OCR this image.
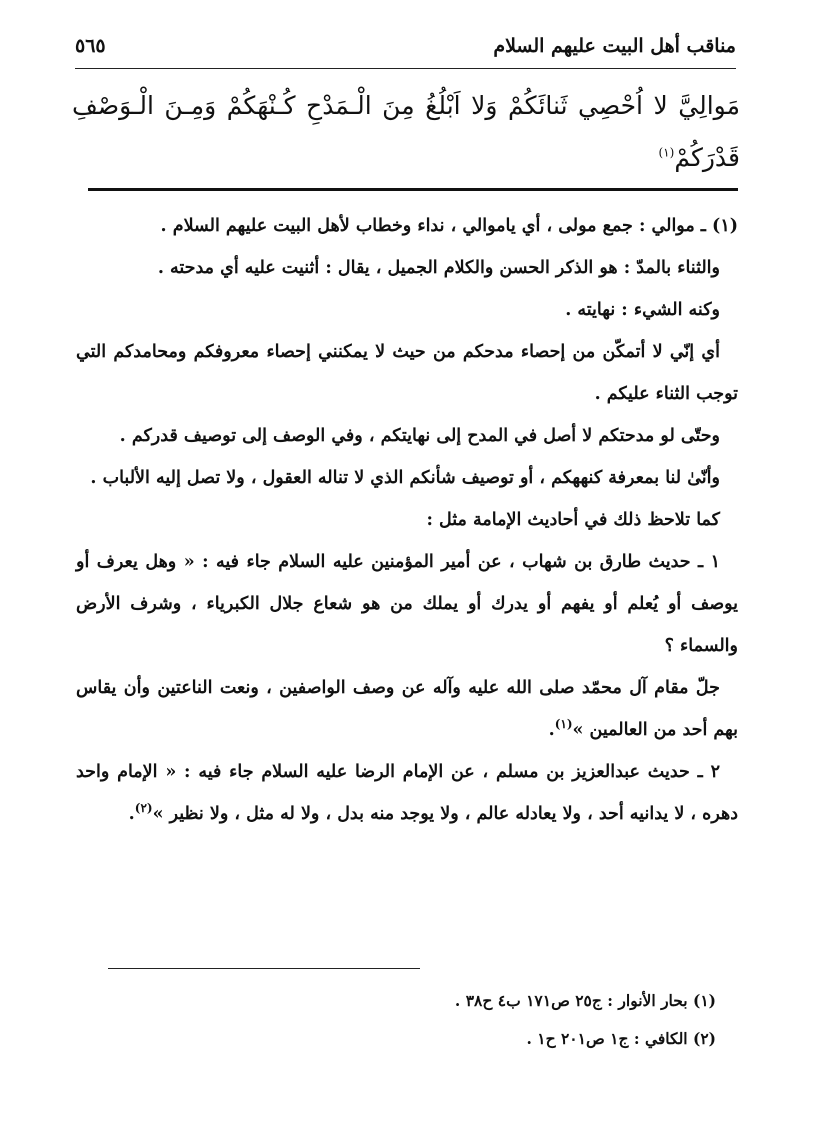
مناقب أهل البيت عليهم السلام
٥٦٥
مَوالِيَّ لا اُحْصِي ثَنائَكُمْ وَلا اَبْلُغُ مِنَ الْـمَدْحِ كُـنْهَكُمْ وَمِـنَ الْـوَصْفِ قَدْرَكُمْ$^{(١)}$

(١) ـ موالي : جمع مولى ، أي ياموالي ، نداء وخطاب لأهل البيت عليهم السلام .

والثناء بالمدّ : هو الذكر الحسن والكلام الجميل ، يقال : أثنيت عليه أي مدحته .

وكنه الشيء : نهايته .

أي إنّي لا أتمكّن من إحصاء مدحكم من حيث لا يمكنني إحصاء معروفكم ومحامدكم التي توجب الثناء عليكم .

وحتّى لو مدحتكم لا أصل في المدح إلى نهايتكم ، وفي الوصف إلى توصيف قدركم .

وأنّىٰ لنا بمعرفة كنههكم ، أو توصيف شأنكم الذي لا تناله العقول ، ولا تصل إليه الألباب .

كما تلاحظ ذلك في أحاديث الإمامة مثل :

١ ـ حديث طارق بن شهاب ، عن أمير المؤمنين عليه السلام جاء فيه : « وهل يعرف أو يوصف أو يُعلم أو يفهم أو يدرك أو يملك من هو شعاع جلال الكبرياء ، وشرف الأرض والسماء ؟

جلّ مقام آل محمّد صلى الله عليه وآله عن وصف الواصفين ، ونعت الناعتين وأن يقاس بهم أحد من العالمين »$^{(١)}$.

٢ ـ حديث عبدالعزيز بن مسلم ، عن الإمام الرضا عليه السلام جاء فيه : « الإمام واحد دهره ، لا يدانيه أحد ، ولا يعادله عالم ، ولا يوجد منه بدل ، ولا له مثل ، ولا نظير »$^{(٢)}$.

(١) بحار الأنوار : ج٢٥ ص١٧١ ب٤ ح٣٨ .

(٢) الكافي : ج١ ص٢٠١ ح١ .
